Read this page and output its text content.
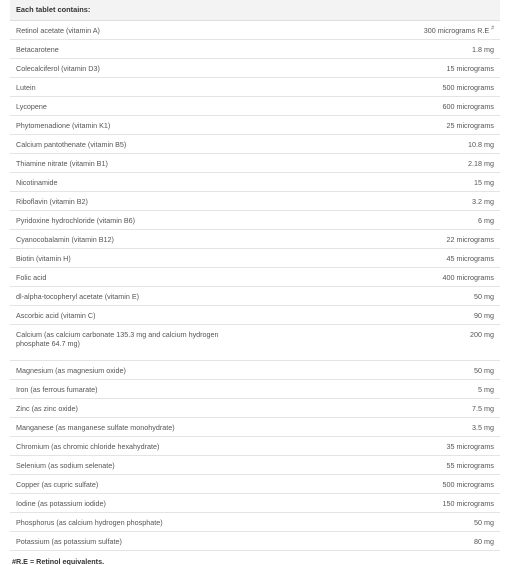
Each tablet contains:
Retinol acetate (vitamin A)	300 micrograms R.E #
Betacarotene	1.8 mg
Colecalciferol (vitamin D3)	15 micrograms
Lutein	500 micrograms
Lycopene	600 micrograms
Phytomenadione (vitamin K1)	25 micrograms
Calcium pantothenate (vitamin B5)	10.8 mg
Thiamine nitrate (vitamin B1)	2.18 mg
Nicotinamide	15 mg
Riboflavin (vitamin B2)	3.2 mg
Pyridoxine hydrochloride (vitamin B6)	6 mg
Cyanocobalamin (vitamin B12)	22 micrograms
Biotin (vitamin H)	45 micrograms
Folic acid	400 micrograms
dl-alpha-tocopheryl acetate (vitamin E)	50 mg
Ascorbic acid (vitamin C)	90 mg
Calcium (as calcium carbonate 135.3 mg and calcium hydrogen phosphate 64.7 mg)	200 mg
Magnesium (as magnesium oxide)	50 mg
Iron (as ferrous fumarate)	5 mg
Zinc (as zinc oxide)	7.5 mg
Manganese (as manganese sulfate monohydrate)	3.5 mg
Chromium (as chromic chloride hexahydrate)	35 micrograms
Selenium (as sodium selenate)	55 micrograms
Copper (as cupric sulfate)	500 micrograms
Iodine (as potassium iodide)	150 micrograms
Phosphorus (as calcium hydrogen phosphate)	50 mg
Potassium (as potassium sulfate)	80 mg
#R.E = Retinol equivalents.
